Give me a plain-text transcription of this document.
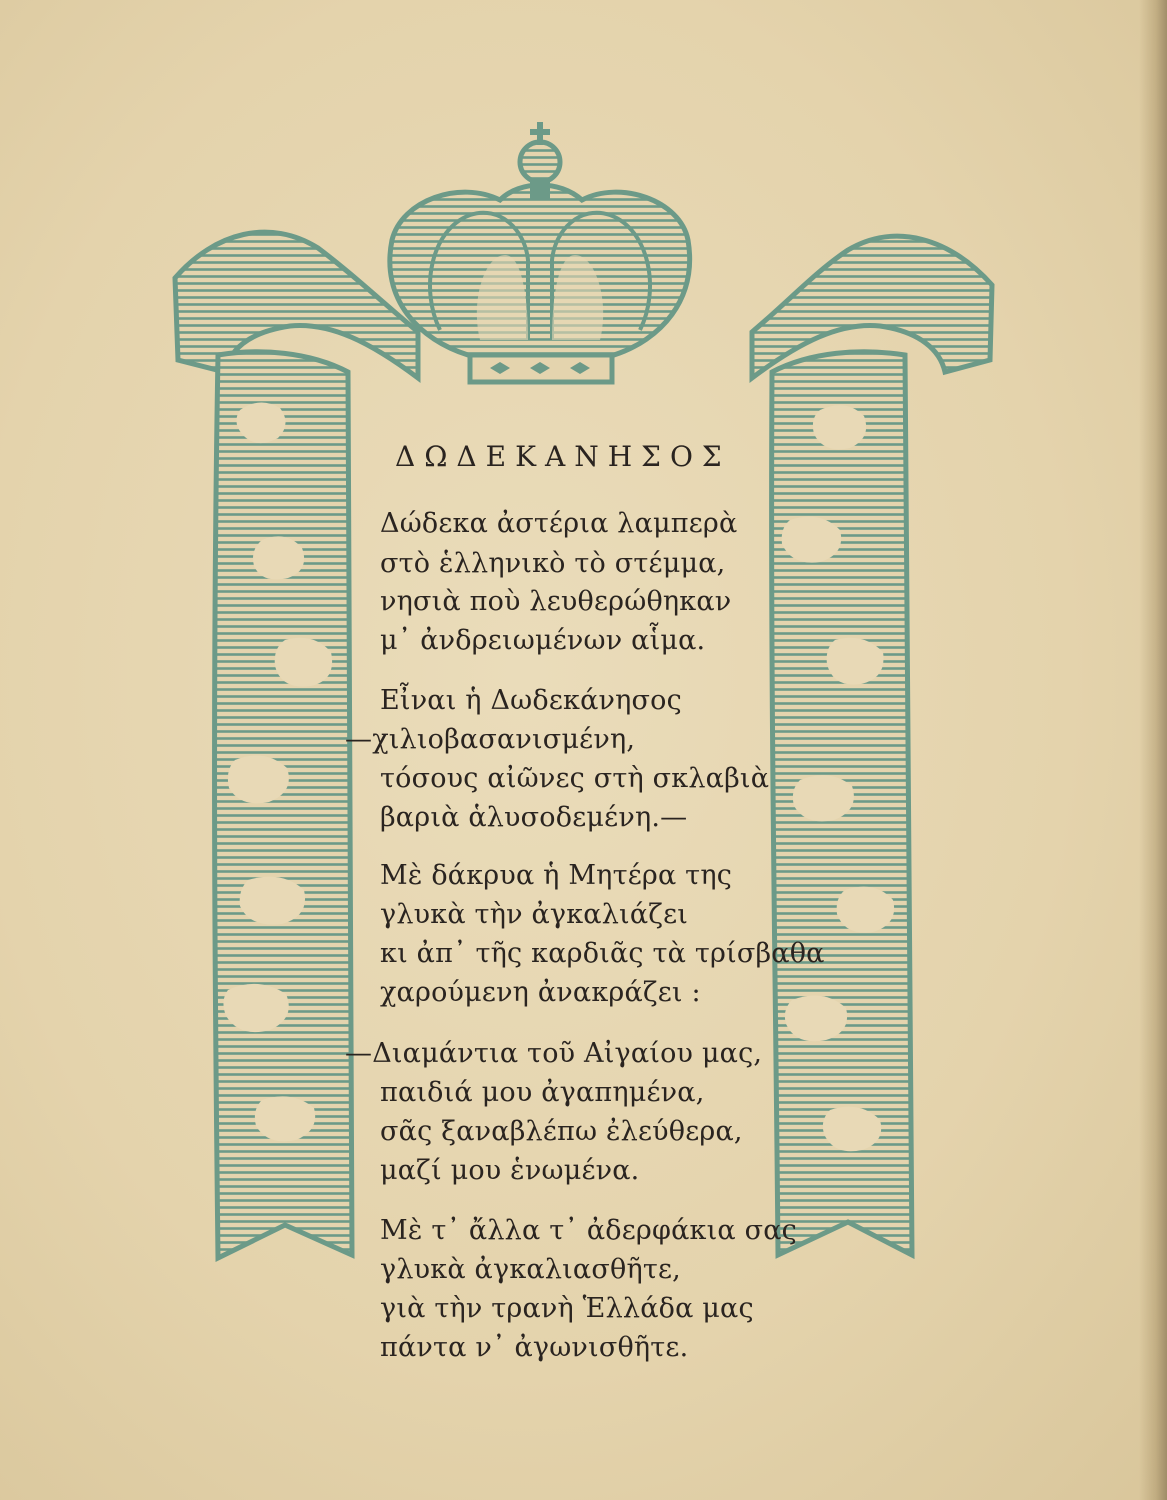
ΔΩΔΕΚΑΝΗΣΟΣ
Δώδεκα ἀστέρια λαμπερὰ
στὸ ἑλληνικὸ τὸ στέμμα,
νησιὰ ποὺ λευθερώθηκαν
μ᾿ ἀνδρειωμένων αἷμα.
Εἶναι ἡ Δωδεκάνησος
—χιλιοβασανισμένη,
τόσους αἰῶνες στὴ σκλαβιὰ
βαριὰ ἁλυσοδεμένη.—
Μὲ δάκρυα ἡ Μητέρα της
γλυκὰ τὴν ἀγκαλιάζει
κι ἀπ᾿ τῆς καρδιᾶς τὰ τρίσβαθα
χαρούμενη ἀνακράζει :
—Διαμάντια τοῦ Αἰγαίου μας,
παιδιά μου ἀγαπημένα,
σᾶς ξαναβλέπω ἐλεύθερα,
μαζί μου ἑνωμένα.
Μὲ τ᾿ ἄλλα τ᾿ ἀδερφάκια σας
γλυκὰ ἀγκαλιασθῆτε,
γιὰ τὴν τρανὴ Ἑλλάδα μας
πάντα ν᾿ ἀγωνισθῆτε.
